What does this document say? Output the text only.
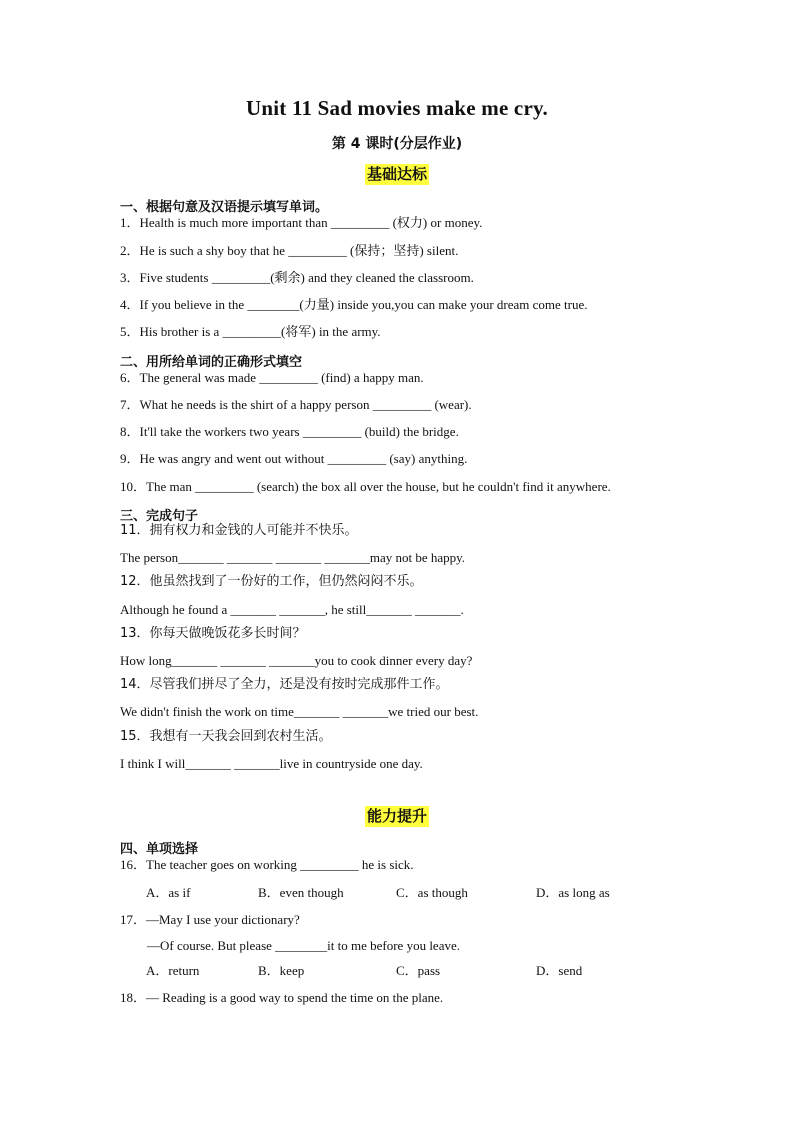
Unit 11 Sad movies make me cry.
第 4 课时(分层作业)
基础达标
一、根据句意及汉语提示填写单词。
1．Health is much more important than _________ (权力) or money.
2．He is such a shy boy that he _________ (保持；坚持) silent.
3．Five students _________(剩余) and they cleaned the classroom.
4．If you believe in the ________(力量) inside you,you can make your dream come true.
5．His brother is a _________(将军) in the army.
二、用所给单词的正确形式填空
6．The general was made _________ (find) a happy man.
7．What he needs is the shirt of a happy person _________ (wear).
8．It'll take the workers two years _________ (build) the bridge.
9．He was angry and went out without _________ (say) anything.
10．The man _________ (search) the box all over the house, but he couldn't find it anywhere.
三、完成句子
11．拥有权力和金钱的人可能并不快乐。
The person_______ _______ _______ _______may not be happy.
12．他虽然找到了一份好的工作，但仍然闷闷不乐。
Although he found a _______ _______, he still_______ _______.
13．你每天做晚饭花多长时间？
How long_______ _______ _______you to cook dinner every day?
14．尽管我们拼尽了全力，还是没有按时完成那件工作。
We didn't finish the work on time_______ _______we tried our best.
15．我想有一天我会回到农村生活。
I think I will_______ _______live in countryside one day.
能力提升
四、单项选择
16．The teacher goes on working _________ he is sick.
A．as if	B．even though	C．as though	D．as long as
17．—May I use your dictionary?
—Of course. But please ________it to me before you leave.
A．return	B．keep	C．pass	D．send
18．— Reading is a good way to spend the time on the plane.
